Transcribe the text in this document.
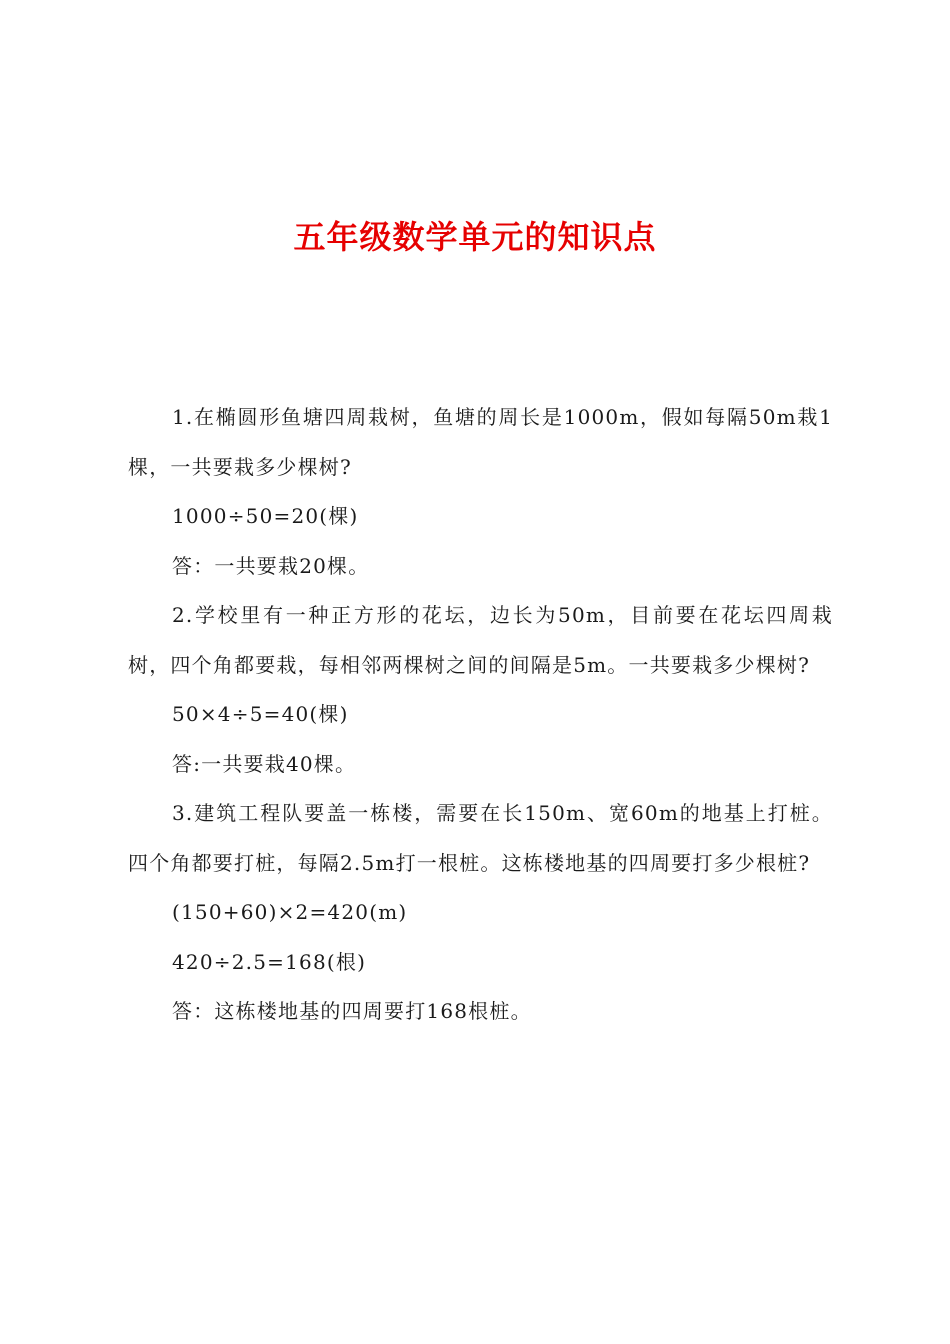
五年级数学单元的知识点

1.在椭圆形鱼塘四周栽树，鱼塘的周长是1000m，假如每隔50m栽1棵，一共要栽多少棵树?

1000÷50=20(棵)

答：一共要栽20棵。

2.学校里有一种正方形的花坛，边长为50m，目前要在花坛四周栽树，四个角都要栽，每相邻两棵树之间的间隔是5m。一共要栽多少棵树?

50×4÷5=40(棵)

答:一共要栽40棵。

3.建筑工程队要盖一栋楼，需要在长150m、宽60m的地基上打桩。四个角都要打桩，每隔2.5m打一根桩。这栋楼地基的四周要打多少根桩?

(150+60)×2=420(m)

420÷2.5=168(根)

答：这栋楼地基的四周要打168根桩。
